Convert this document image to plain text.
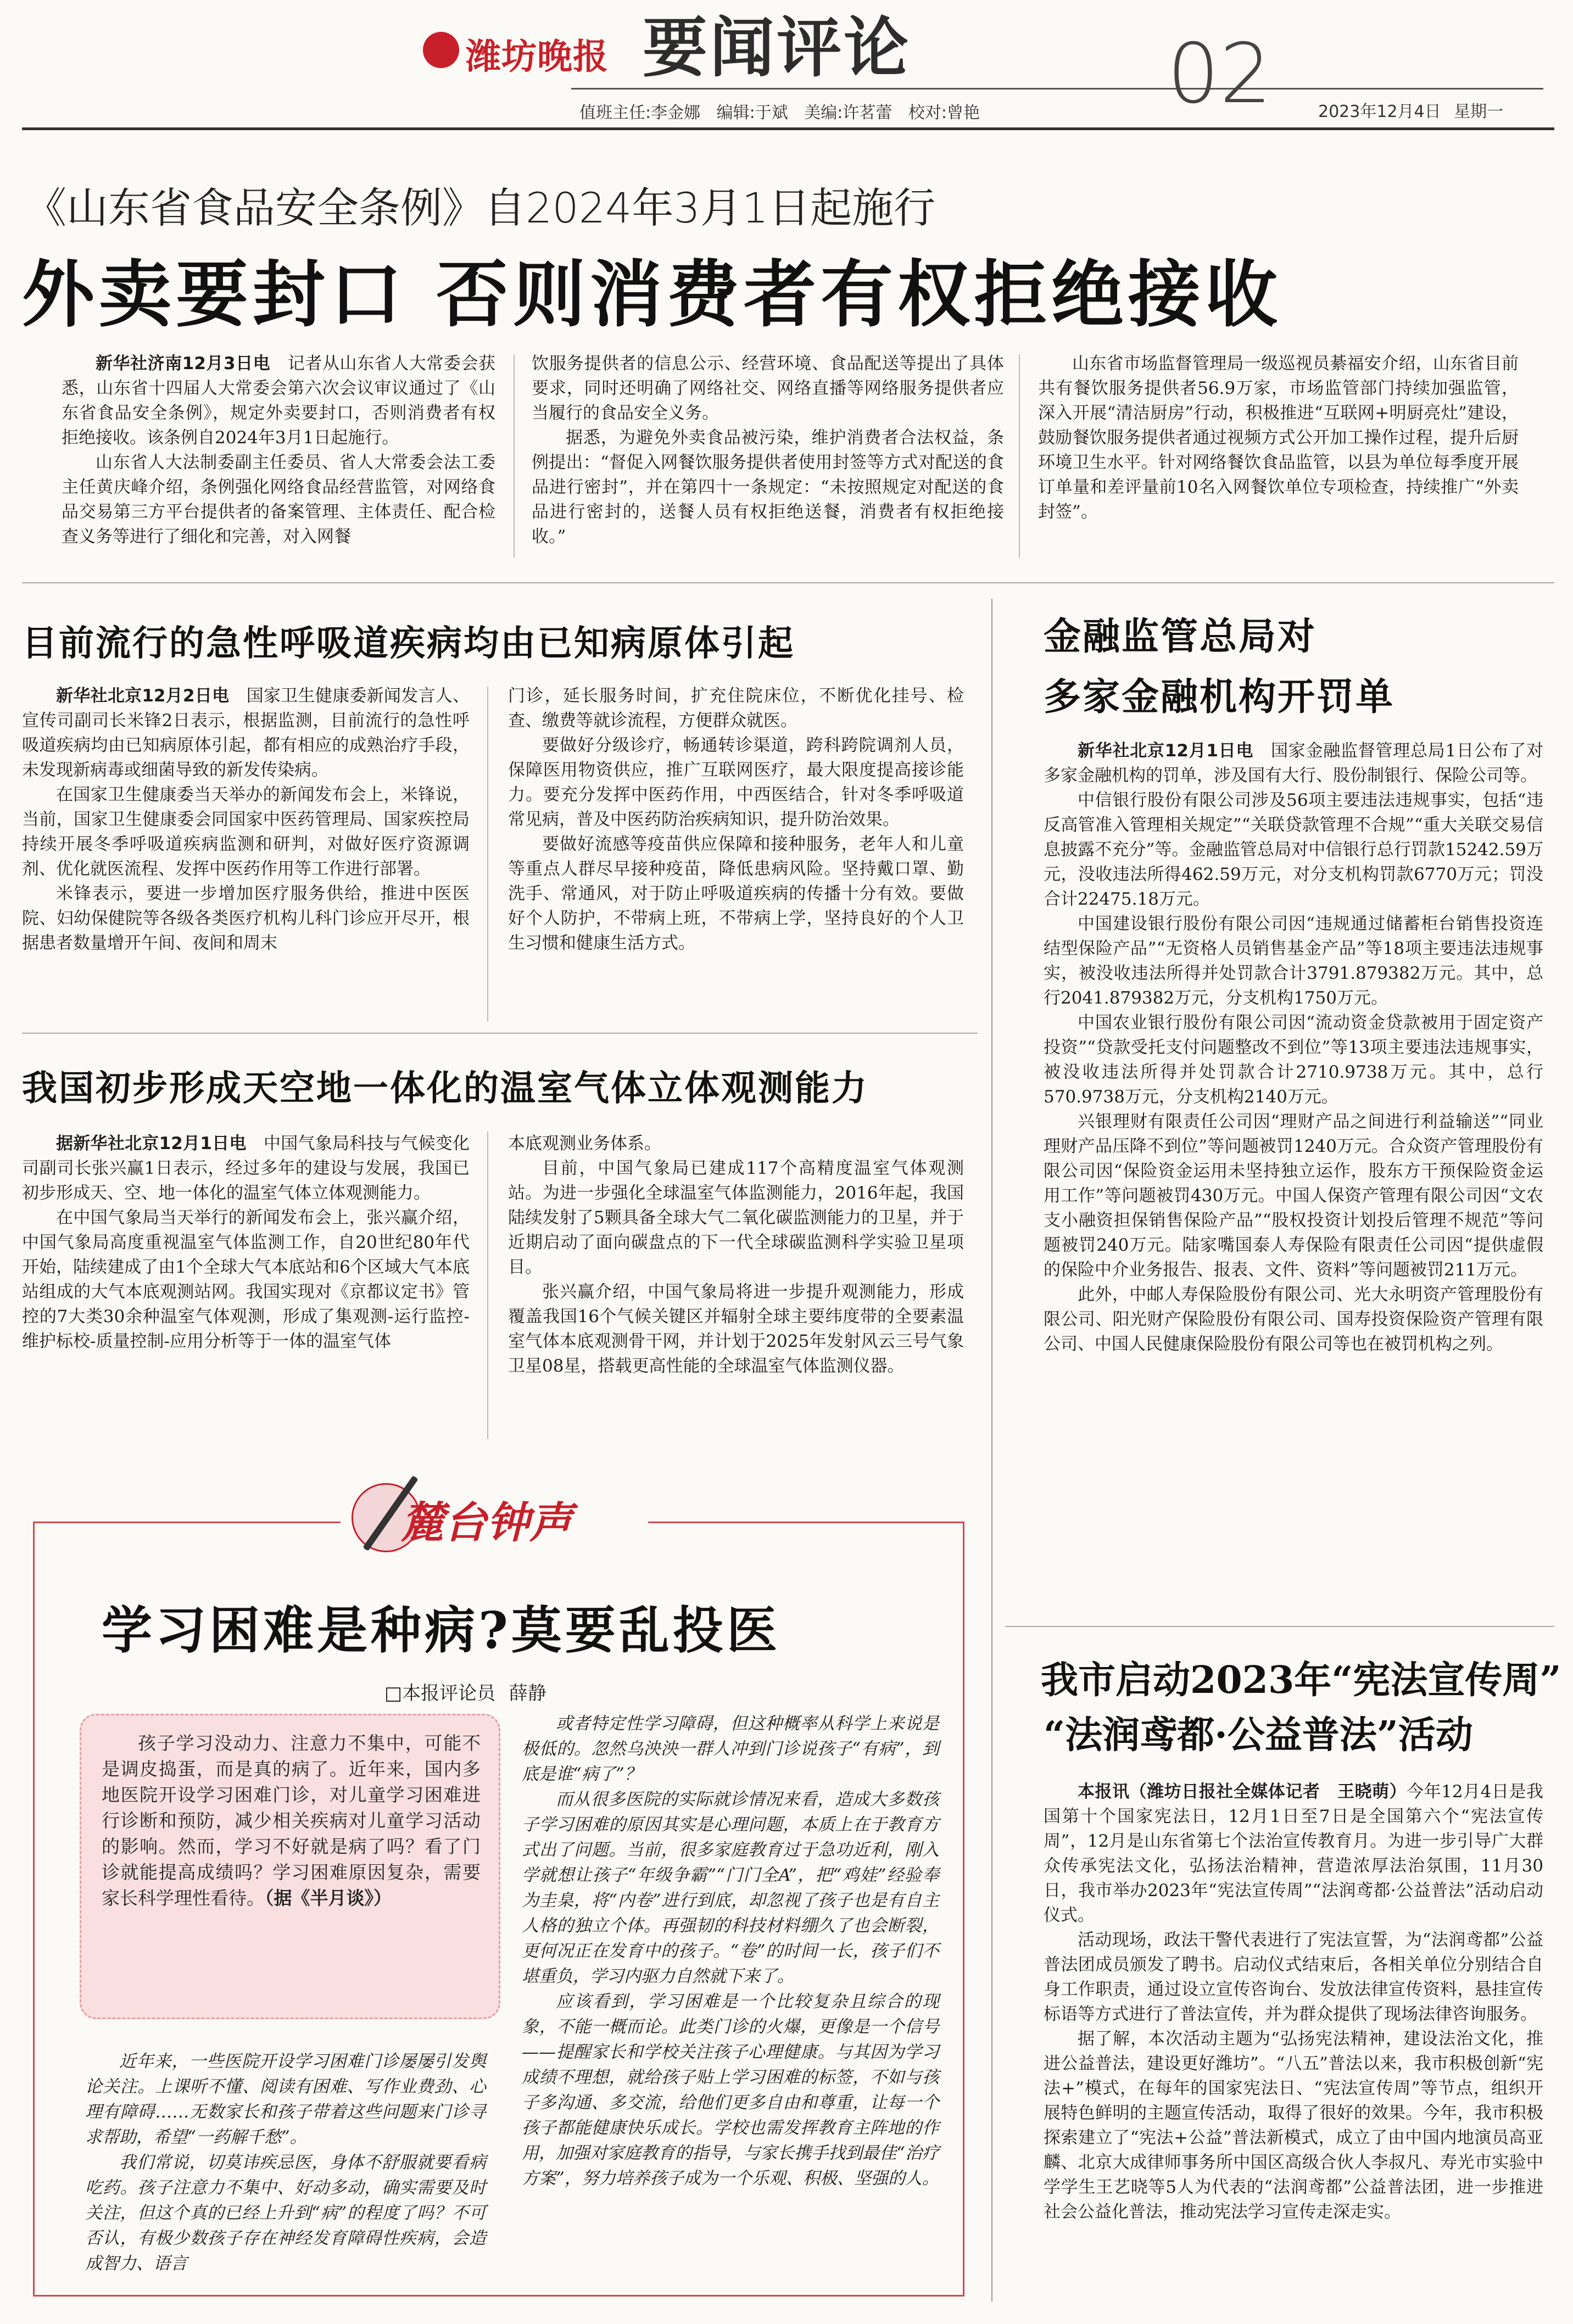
潍坊晚报 要闻评论
值班主任:李金娜 编辑:于斌 美编:许茗蕾 校对:曾艳 02	2023年12月4日 星期一
《山东省食品安全条例》自2024年3月1日起施行
外卖要封口 否则消费者有权拒绝接收

新华社济南12月3日电　 记者从山东省人大常委会获悉，山东省十四届人大常委会第六次会议审议通过了《山东省食品安全条例》，规定外卖要封口，否则消费者有权拒绝接收。该条例自2024年3月1日起施行。

山东省人大法制委副主任委员、省人大常委会法工委主任黄庆峰介绍，条例强化网络食品经营监管，对网络食品交易第三方平台提供者的备案管理、主体责任、配合检查义务等进行了细化和完善，对入网餐

饮服务提供者的信息公示、经营环境、食品配送等提出了具体要求，同时还明确了网络社交、网络直播等网络服务提供者应当履行的食品安全义务。

据悉，为避免外卖食品被污染，维护消费者合法权益，条例提出：“督促入网餐饮服务提供者使用封签等方式对配送的食品进行密封”，并在第四十一条规定：“未按照规定对配送的食品进行密封的，送餐人员有权拒绝送餐，消费者有权拒绝接收。”

山东省市场监督管理局一级巡视员綦福安介绍，山东省目前共有餐饮服务提供者56.9万家，市场监管部门持续加强监管，深入开展“清洁厨房”行动，积极推进“互联网+明厨亮灶”建设，鼓励餐饮服务提供者通过视频方式公开加工操作过程，提升后厨环境卫生水平。针对网络餐饮食品监管，以县为单位每季度开展订单量和差评量前10名入网餐饮单位专项检查，持续推广“外卖封签”。

目前流行的急性呼吸道疾病均由已知病原体引起

新华社北京12月2日电　 国家卫生健康委新闻发言人、宣传司副司长米锋2日表示，根据监测，目前流行的急性呼吸道疾病均由已知病原体引起，都有相应的成熟治疗手段，未发现新病毒或细菌导致的新发传染病。

在国家卫生健康委当天举办的新闻发布会上，米锋说，当前，国家卫生健康委会同国家中医药管理局、国家疾控局持续开展冬季呼吸道疾病监测和研判，对做好医疗资源调剂、优化就医流程、发挥中医药作用等工作进行部署。

米锋表示，要进一步增加医疗服务供给，推进中医医院、妇幼保健院等各级各类医疗机构儿科门诊应开尽开，根据患者数量增开午间、夜间和周末

门诊，延长服务时间，扩充住院床位，不断优化挂号、检查、缴费等就诊流程，方便群众就医。

要做好分级诊疗，畅通转诊渠道，跨科跨院调剂人员，保障医用物资供应，推广互联网医疗，最大限度提高接诊能力。要充分发挥中医药作用，中西医结合，针对冬季呼吸道常见病，普及中医药防治疾病知识，提升防治效果。

要做好流感等疫苗供应保障和接种服务，老年人和儿童等重点人群尽早接种疫苗，降低患病风险。坚持戴口罩、勤洗手、常通风，对于防止呼吸道疾病的传播十分有效。要做好个人防护，不带病上班，不带病上学，坚持良好的个人卫生习惯和健康生活方式。

我国初步形成天空地一体化的温室气体立体观测能力

据新华社北京12月1日电　 中国气象局科技与气候变化司副司长张兴赢1日表示，经过多年的建设与发展，我国已初步形成天、空、地一体化的温室气体立体观测能力。

在中国气象局当天举行的新闻发布会上，张兴赢介绍，中国气象局高度重视温室气体监测工作，自20世纪80年代开始，陆续建成了由1个全球大气本底站和6个区域大气本底站组成的大气本底观测站网。我国实现对《京都议定书》管控的7大类30余种温室气体观测，形成了集观测-运行监控-维护标校-质量控制-应用分析等于一体的温室气体

本底观测业务体系。

目前，中国气象局已建成117个高精度温室气体观测站。为进一步强化全球温室气体监测能力，2016年起，我国陆续发射了5颗具备全球大气二氧化碳监测能力的卫星，并于近期启动了面向碳盘点的下一代全球碳监测科学实验卫星项目。

张兴赢介绍，中国气象局将进一步提升观测能力，形成覆盖我国16个气候关键区并辐射全球主要纬度带的全要素温室气体本底观测骨干网，并计划于2025年发射风云三号气象卫星08星，搭载更高性能的全球温室气体监测仪器。

金融监管总局对
多家金融机构开罚单

新华社北京12月1日电　 国家金融监督管理总局1日公布了对多家金融机构的罚单，涉及国有大行、股份制银行、保险公司等。

中信银行股份有限公司涉及56项主要违法违规事实，包括“违反高管准入管理相关规定”“关联贷款管理不合规”“重大关联交易信息披露不充分”等。金融监管总局对中信银行总行罚款15242.59万元，没收违法所得462.59万元，对分支机构罚款6770万元；罚没合计22475.18万元。

中国建设银行股份有限公司因“违规通过储蓄柜台销售投资连结型保险产品”“无资格人员销售基金产品”等18项主要违法违规事实，被没收违法所得并处罚款合计3791.879382万元。其中，总行2041.879382万元，分支机构1750万元。

中国农业银行股份有限公司因“流动资金贷款被用于固定资产投资”“贷款受托支付问题整改不到位”等13项主要违法违规事实，被没收违法所得并处罚款合计2710.9738万元。其中，总行570.9738万元，分支机构2140万元。

兴银理财有限责任公司因“理财产品之间进行利益输送”“同业理财产品压降不到位”等问题被罚1240万元。合众资产管理股份有限公司因“保险资金运用未坚持独立运作，股东方干预保险资金运用工作”等问题被罚430万元。中国人保资产管理有限公司因“文农支小融资担保销售保险产品”“股权投资计划投后管理不规范”等问题被罚240万元。陆家嘴国泰人寿保险有限责任公司因“提供虚假的保险中介业务报告、报表、文件、资料”等问题被罚211万元。

此外，中邮人寿保险股份有限公司、光大永明资产管理股份有限公司、阳光财产保险股份有限公司、国寿投资保险资产管理有限公司、中国人民健康保险股份有限公司等也在被罚机构之列。

我市启动2023年“宪法宣传周”
“法润鸢都·公益普法”活动

本报讯（潍坊日报社全媒体记者　王晓萌）今年12月4日是我国第十个国家宪法日，12月1日至7日是全国第六个“宪法宣传周”，12月是山东省第七个法治宣传教育月。为进一步引导广大群众传承宪法文化，弘扬法治精神，营造浓厚法治氛围，11月30日，我市举办2023年“宪法宣传周”“法润鸢都·公益普法”活动启动仪式。

活动现场，政法干警代表进行了宪法宣誓，为“法润鸢都”公益普法团成员颁发了聘书。启动仪式结束后，各相关单位分别结合自身工作职责，通过设立宣传咨询台、发放法律宣传资料，悬挂宣传标语等方式进行了普法宣传，并为群众提供了现场法律咨询服务。

据了解，本次活动主题为“弘扬宪法精神，建设法治文化，推进公益普法，建设更好潍坊”。“八五”普法以来，我市积极创新“宪法+”模式，在每年的国家宪法日、“宪法宣传周”等节点，组织开展特色鲜明的主题宣传活动，取得了很好的效果。今年，我市积极探索建立了“宪法+公益”普法新模式，成立了由中国内地演员高亚麟、北京大成律师事务所中国区高级合伙人李叔凡、寿光市实验中学学生王艺晓等5人为代表的“法润鸢都”公益普法团，进一步推进社会公益化普法，推动宪法学习宣传走深走实。

麓台钟声
学习困难是种病?莫要乱投医
□本报评论员 薛静

孩子学习没动力、注意力不集中，可能不是调皮捣蛋，而是真的病了。近年来，国内多地医院开设学习困难门诊，对儿童学习困难进行诊断和预防，减少相关疾病对儿童学习活动的影响。然而，学习不好就是病了吗？看了门诊就能提高成绩吗？学习困难原因复杂，需要家长科学理性看待。（据《半月谈》）

近年来，一些医院开设学习困难门诊屡屡引发舆论关注。上课听不懂、阅读有困难、写作业费劲、心理有障碍……无数家长和孩子带着这些问题来门诊寻求帮助，希望“一药解千愁”。

我们常说，切莫讳疾忌医，身体不舒服就要看病吃药。孩子注意力不集中、好动多动，确实需要及时关注，但这个真的已经上升到“病”的程度了吗？不可否认，有极少数孩子存在神经发育障碍性疾病，会造成智力、语言

或者特定性学习障碍，但这种概率从科学上来说是极低的。忽然乌泱泱一群人冲到门诊说孩子“有病”，到底是谁“病了”？

而从很多医院的实际就诊情况来看，造成大多数孩子学习困难的原因其实是心理问题，本质上在于教育方式出了问题。当前，很多家庭教育过于急功近利，刚入学就想让孩子“年级争霸”“门门全A”，把“鸡娃”经验奉为圭臬，将“内卷”进行到底，却忽视了孩子也是有自主人格的独立个体。再强韧的科技材料绷久了也会断裂，更何况正在发育中的孩子。“卷”的时间一长，孩子们不堪重负，学习内驱力自然就下来了。

应该看到，学习困难是一个比较复杂且综合的现象，不能一概而论。此类门诊的火爆，更像是一个信号——提醒家长和学校关注孩子心理健康。与其因为学习成绩不理想，就给孩子贴上学习困难的标签，不如与孩子多沟通、多交流，给他们更多自由和尊重，让每一个孩子都能健康快乐成长。学校也需发挥教育主阵地的作用，加强对家庭教育的指导，与家长携手找到最佳“治疗方案”，努力培养孩子成为一个乐观、积极、坚强的人。
